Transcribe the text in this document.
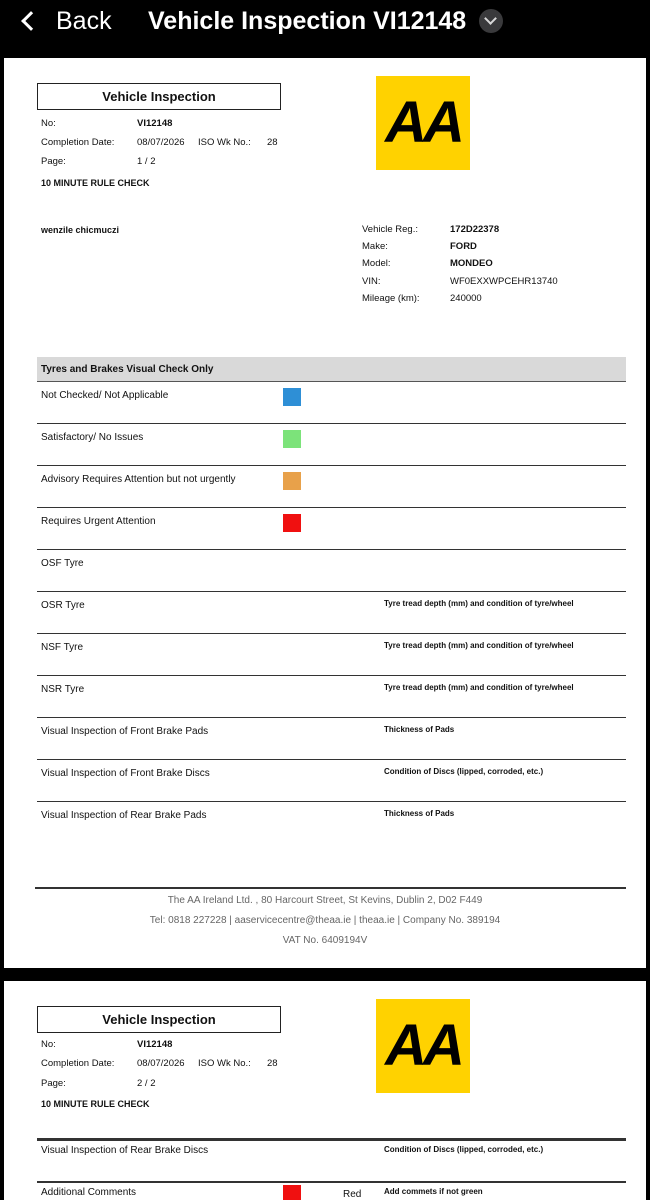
Back Vehicle Inspection VI12148
Vehicle Inspection
No:	VI12148
Completion Date: 08/07/2026 ISO Wk No.: 28
Page:	1 / 2
10 MINUTE RULE CHECK
AA
wenzile chicmuczi	Vehicle Reg.:	172D22378
Make:	FORD
Model:	MONDEO
VIN:	WF0EXXWPCEHR13740
Mileage (km):	240000
Tyres and Brakes Visual Check Only
Not Checked/ Not Applicable
Satisfactory/ No Issues
Advisory Requires Attention but not urgently
Requires Urgent Attention
OSF Tyre
OSR Tyre	Tyre tread depth (mm) and condition of tyre/wheel
NSF Tyre	Tyre tread depth (mm) and condition of tyre/wheel
NSR Tyre	Tyre tread depth (mm) and condition of tyre/wheel
Visual Inspection of Front Brake Pads	Thickness of Pads
Visual Inspection of Front Brake Discs	Condition of Discs (lipped, corroded, etc.)
Visual Inspection of Rear Brake Pads	Thickness of Pads
The AA Ireland Ltd. , 80 Harcourt Street, St Kevins, Dublin 2, D02 F449
Tel: 0818 227228 | aaservicecentre@theaa.ie | theaa.ie | Company No. 389194
VAT No. 6409194V
Vehicle Inspection
No:	VI12148
Completion Date: 08/07/2026 ISO Wk No.: 28
Page:	2 / 2
10 MINUTE RULE CHECK
AA
Visual Inspection of Rear Brake Discs	Condition of Discs (lipped, corroded, etc.)
Additional Comments	Red	Add commets if not green
